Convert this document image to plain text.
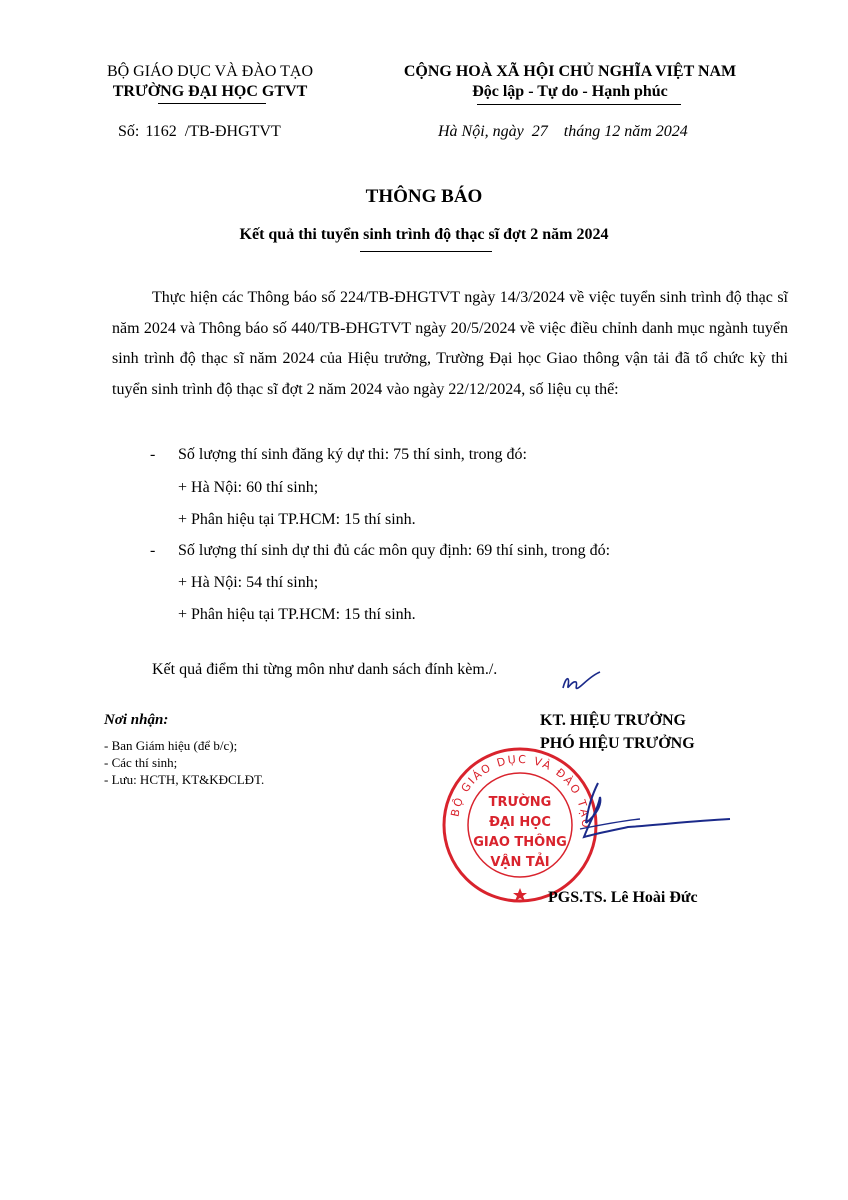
BỘ GIÁO DỤC VÀ ĐÀO TẠO
TRƯỜNG ĐẠI HỌC GTVT
CỘNG HOÀ XÃ HỘI CHỦ NGHĨA VIỆT NAM
Độc lập - Tự do - Hạnh phúc
Số: 1162 /TB-ĐHGTVT	Hà Nội, ngày 27 tháng 12 năm 2024
THÔNG BÁO
Kết quả thi tuyển sinh trình độ thạc sĩ đợt 2 năm 2024
Thực hiện các Thông báo số 224/TB-ĐHGTVT ngày 14/3/2024 về việc tuyển sinh trình độ thạc sĩ năm 2024 và Thông báo số 440/TB-ĐHGTVT ngày 20/5/2024 về việc điều chỉnh danh mục ngành tuyển sinh trình độ thạc sĩ năm 2024 của Hiệu trưởng, Trường Đại học Giao thông vận tải đã tổ chức kỳ thi tuyển sinh trình độ thạc sĩ đợt 2 năm 2024 vào ngày 22/12/2024, số liệu cụ thể:
- Số lượng thí sinh đăng ký dự thi: 75 thí sinh, trong đó:
+ Hà Nội: 60 thí sinh;
+ Phân hiệu tại TP.HCM: 15 thí sinh.
- Số lượng thí sinh dự thi đủ các môn quy định: 69 thí sinh, trong đó:
+ Hà Nội: 54 thí sinh;
+ Phân hiệu tại TP.HCM: 15 thí sinh.
Kết quả điểm thi từng môn như danh sách đính kèm./.
Nơi nhận:
- Ban Giám hiệu (để b/c);
- Các thí sinh;
- Lưu: HCTH, KT&KĐCLĐT.
KT. HIỆU TRƯỞNG
PHÓ HIỆU TRƯỞNG
BỘ GIÁO DỤC VÀ ĐÀO TẠO
TRƯỜNG
ĐẠI HỌC
GIAO THÔNG
VẬN TẢI
PGS.TS. Lê Hoài Đức
